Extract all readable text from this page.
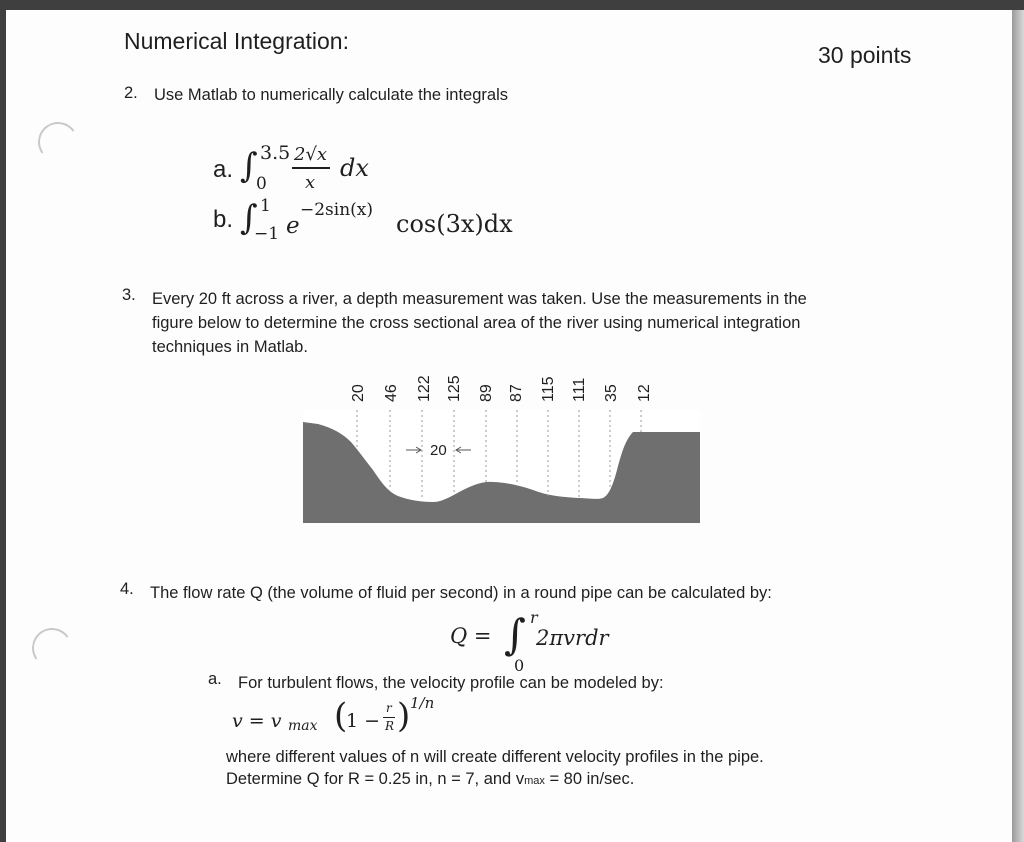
Numerical Integration:
30 points
2. Use Matlab to numerically calculate the integrals
a. ∫ 3.5
0
2√x
x
dx
b. ∫ 1
−1 e
−2sin(x) cos(3x)dx
3. Every 20 ft across a river, a depth measurement was taken. Use the measurements in the
figure below to determine the cross sectional area of the river using numerical integration
techniques in Matlab.
20 46 122 125 89 87 115 111 35 12
20
4. The flow rate Q (the volume of fluid per second) in a round pipe can be calculated by:
Q = ∫ r
0
2πvrdr
a. For turbulent flows, the velocity profile can be modeled by:
v = v max (
1 −
r
R ) 1/n
where different values of n will create different velocity profiles in the pipe.
Determine Q for R = 0.25 in, n = 7, and vmax = 80 in/sec.
